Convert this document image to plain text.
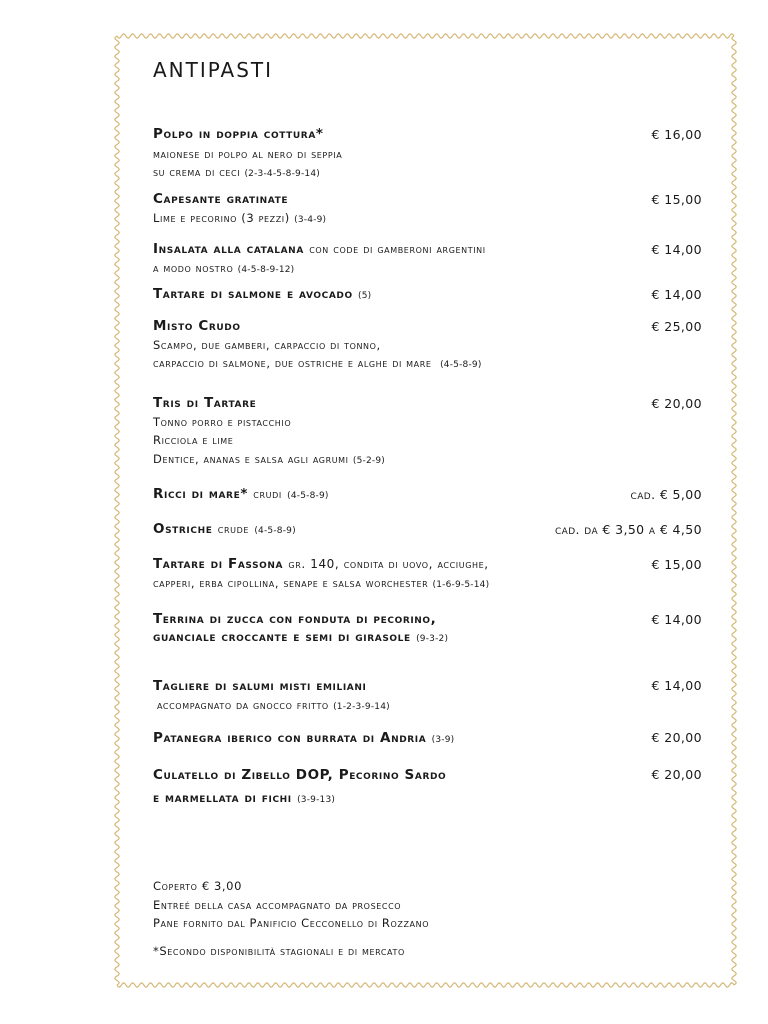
ANTIPASTI
Polpo in doppia cottura*	€ 16,00
maionese di polpo al nero di seppia
su crema di ceci (2-3-4-5-8-9-14)
Capesante gratinate	€ 15,00
Lime e pecorino (3 pezzi) (3-4-9)
Insalata alla catalana con code di gamberoni argentini	€ 14,00
a modo nostro (4-5-8-9-12)
Tartare di salmone e avocado (5)	€ 14,00
Misto Crudo	€ 25,00
Scampo, due gamberi, carpaccio di tonno,
carpaccio di salmone, due ostriche e alghe di mare (4-5-8-9)
Tris di Tartare	€ 20,00
Tonno porro e pistacchio
Ricciola e lime
Dentice, ananas e salsa agli agrumi (5-2-9)
Ricci di mare* crudi (4-5-8-9)	cad. € 5,00
Ostriche crude (4-5-8-9)	cad. da € 3,50 a € 4,50
Tartare di Fassona gr. 140, condita di uovo, acciughe,	€ 15,00
capperi, erba cipollina, senape e salsa worchester (1-6-9-5-14)
Terrina di zucca con fonduta di pecorino,	€ 14,00
guanciale croccante e semi di girasole (9-3-2)
Tagliere di salumi misti emiliani	€ 14,00
accompagnato da gnocco fritto (1-2-3-9-14)
Patanegra iberico con burrata di Andria (3-9)	€ 20,00
Culatello di Zibello DOP, Pecorino Sardo	€ 20,00
e marmellata di fichi (3-9-13)
Coperto € 3,00
Entreé della casa accompagnato da prosecco
Pane fornito dal Panificio Cecconello di Rozzano
*Secondo disponibilità stagionali e di mercato
